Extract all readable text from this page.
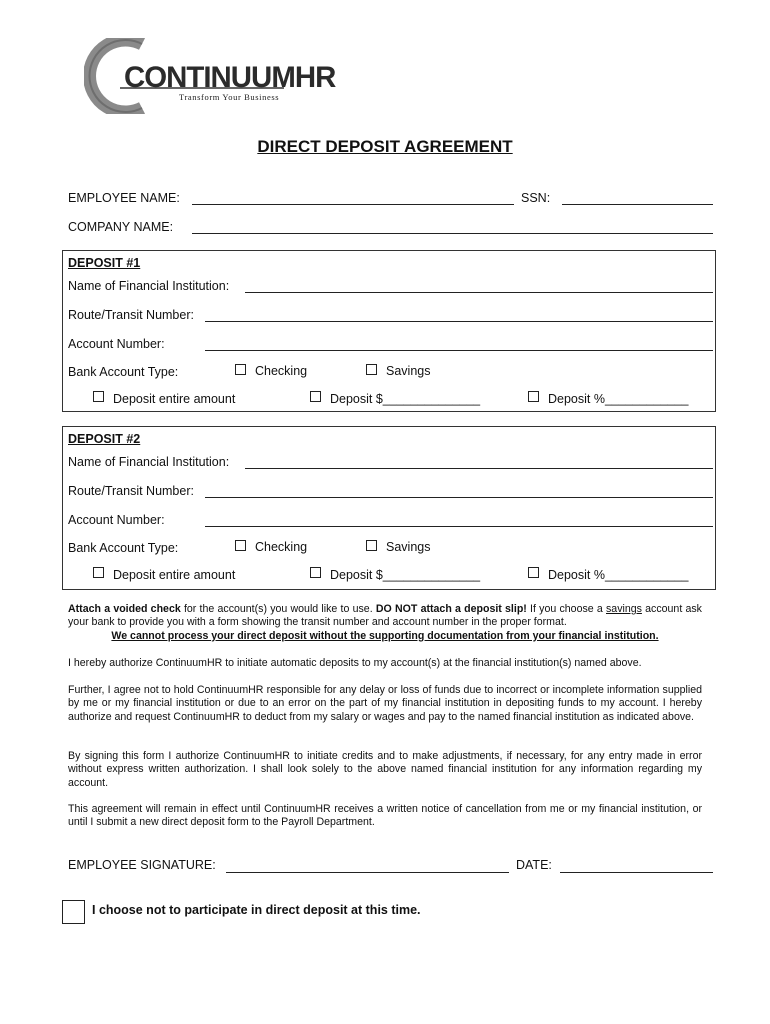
CONTINUUMHR
Transform Your Business
DIRECT DEPOSIT AGREEMENT
EMPLOYEE NAME:	SSN:
COMPANY NAME:
DEPOSIT #1
Name of Financial Institution:
Route/Transit Number:
Account Number:
Bank Account Type:	Checking	Savings
Deposit entire amount	Deposit $______________	Deposit %____________
DEPOSIT #2
Name of Financial Institution:
Route/Transit Number:
Account Number:
Bank Account Type:	Checking	Savings
Deposit entire amount	Deposit $______________	Deposit %____________
Attach a voided check for the account(s) you would like to use. DO NOT attach a deposit slip! If you choose a savings account ask your bank to provide you with a form showing the transit number and account number in the proper format.
We cannot process your direct deposit without the supporting documentation from your financial institution.
I hereby authorize ContinuumHR to initiate automatic deposits to my account(s) at the financial institution(s) named above.
Further, I agree not to hold ContinuumHR responsible for any delay or loss of funds due to incorrect or incomplete information supplied by me or my financial institution or due to an error on the part of my financial institution in depositing funds to my account. I hereby authorize and request ContinuumHR to deduct from my salary or wages and pay to the named financial institution as indicated above.
By signing this form I authorize ContinuumHR to initiate credits and to make adjustments, if necessary, for any entry made in error without express written authorization. I shall look solely to the above named financial institution for any information regarding my account.
This agreement will remain in effect until ContinuumHR receives a written notice of cancellation from me or my financial institution, or until I submit a new direct deposit form to the Payroll Department.
EMPLOYEE SIGNATURE:	DATE:
I choose not to participate in direct deposit at this time.
